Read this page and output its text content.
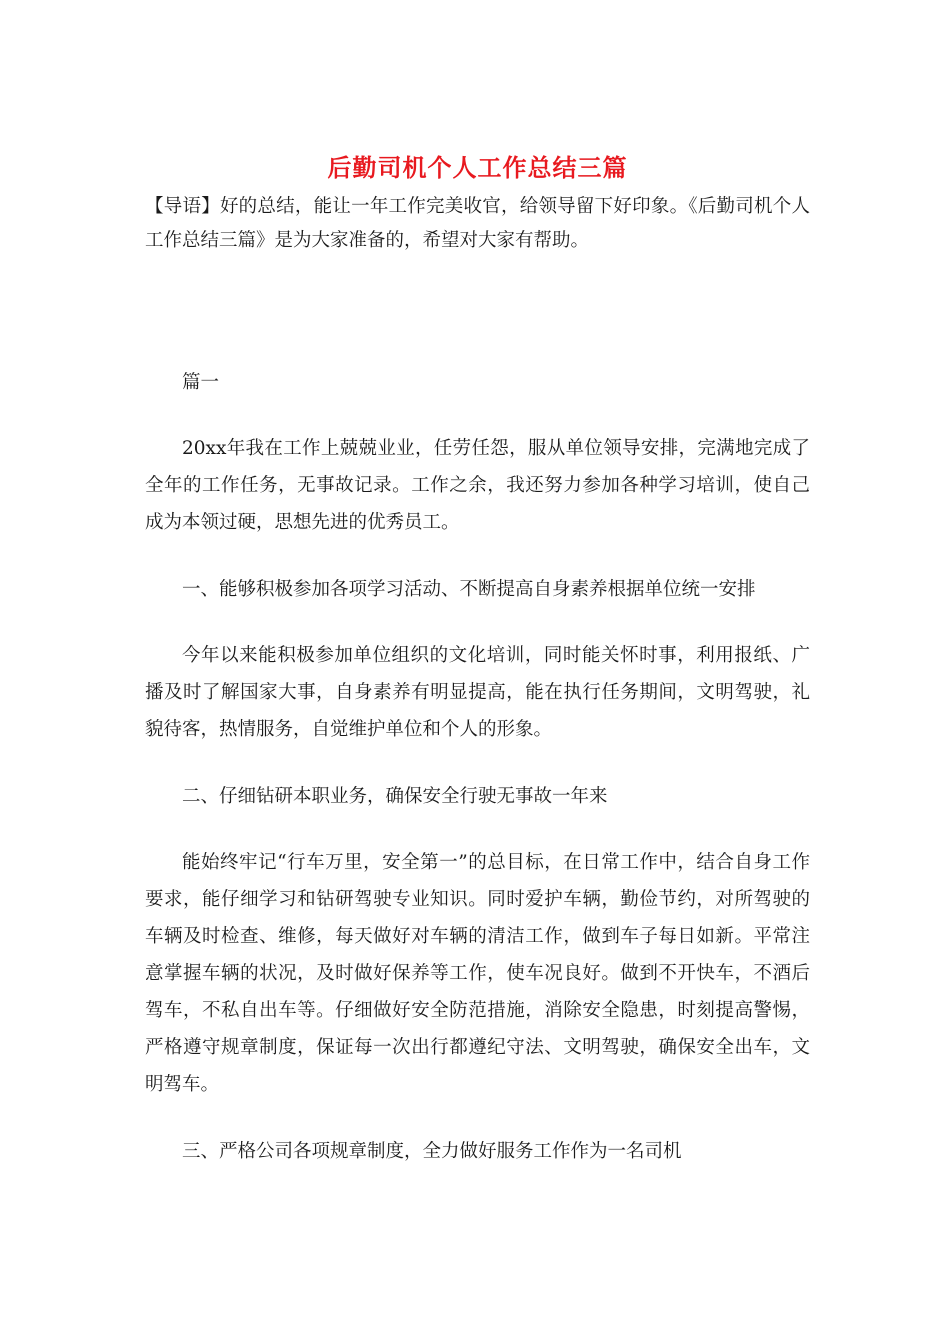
后勤司机个人工作总结三篇

【导语】好的总结，能让一年工作完美收官，给领导留下好印象。《后勤司机个人工作总结三篇》是为大家准备的，希望对大家有帮助。

篇一

20xx年我在工作上兢兢业业，任劳任怨，服从单位领导安排，完满地完成了全年的工作任务，无事故记录。工作之余，我还努力参加各种学习培训，使自己成为本领过硬，思想先进的优秀员工。

一、能够积极参加各项学习活动、不断提高自身素养根据单位统一安排

今年以来能积极参加单位组织的文化培训，同时能关怀时事，利用报纸、广播及时了解国家大事，自身素养有明显提高，能在执行任务期间，文明驾驶，礼貌待客，热情服务，自觉维护单位和个人的形象。

二、仔细钻研本职业务，确保安全行驶无事故一年来

能始终牢记“行车万里，安全第一”的总目标，在日常工作中，结合自身工作要求，能仔细学习和钻研驾驶专业知识。同时爱护车辆，勤俭节约，对所驾驶的车辆及时检查、维修，每天做好对车辆的清洁工作，做到车子每日如新。平常注意掌握车辆的状况，及时做好保养等工作，使车况良好。做到不开快车，不酒后驾车，不私自出车等。仔细做好安全防范措施，消除安全隐患，时刻提高警惕，严格遵守规章制度，保证每一次出行都遵纪守法、文明驾驶，确保安全出车，文明驾车。

三、严格公司各项规章制度，全力做好服务工作作为一名司机
